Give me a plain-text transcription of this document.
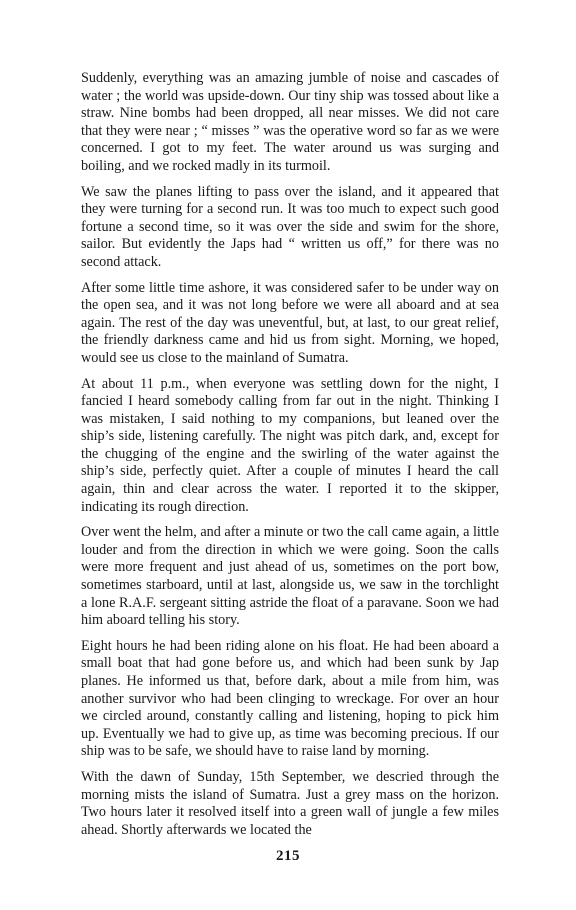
Suddenly, everything was an amazing jumble of noise and cascades of water ; the world was upside-down. Our tiny ship was tossed about like a straw. Nine bombs had been dropped, all near misses. We did not care that they were near ; “ misses ” was the operative word so far as we were concerned. I got to my feet. The water around us was surging and boiling, and we rocked madly in its turmoil.

We saw the planes lifting to pass over the island, and it appeared that they were turning for a second run. It was too much to expect such good fortune a second time, so it was over the side and swim for the shore, sailor. But evidently the Japs had “ written us off,” for there was no second attack.

After some little time ashore, it was considered safer to be under way on the open sea, and it was not long before we were all aboard and at sea again. The rest of the day was uneventful, but, at last, to our great relief, the friendly darkness came and hid us from sight. Morning, we hoped, would see us close to the mainland of Sumatra.

At about 11 p.m., when everyone was settling down for the night, I fancied I heard somebody calling from far out in the night. Thinking I was mistaken, I said nothing to my companions, but leaned over the ship’s side, listening carefully. The night was pitch dark, and, except for the chugging of the engine and the swirling of the water against the ship’s side, perfectly quiet. After a couple of minutes I heard the call again, thin and clear across the water. I reported it to the skipper, indicating its rough direction.

Over went the helm, and after a minute or two the call came again, a little louder and from the direction in which we were going. Soon the calls were more frequent and just ahead of us, sometimes on the port bow, sometimes starboard, until at last, alongside us, we saw in the torchlight a lone R.A.F. sergeant sitting astride the float of a paravane. Soon we had him aboard telling his story.

Eight hours he had been riding alone on his float. He had been aboard a small boat that had gone before us, and which had been sunk by Jap planes. He informed us that, before dark, about a mile from him, was another survivor who had been clinging to wreckage. For over an hour we circled around, constantly calling and listening, hoping to pick him up. Eventually we had to give up, as time was becoming precious. If our ship was to be safe, we should have to raise land by morning.

With the dawn of Sunday, 15th September, we descried through the morning mists the island of Sumatra. Just a grey mass on the horizon. Two hours later it resolved itself into a green wall of jungle a few miles ahead. Shortly afterwards we located the

215
